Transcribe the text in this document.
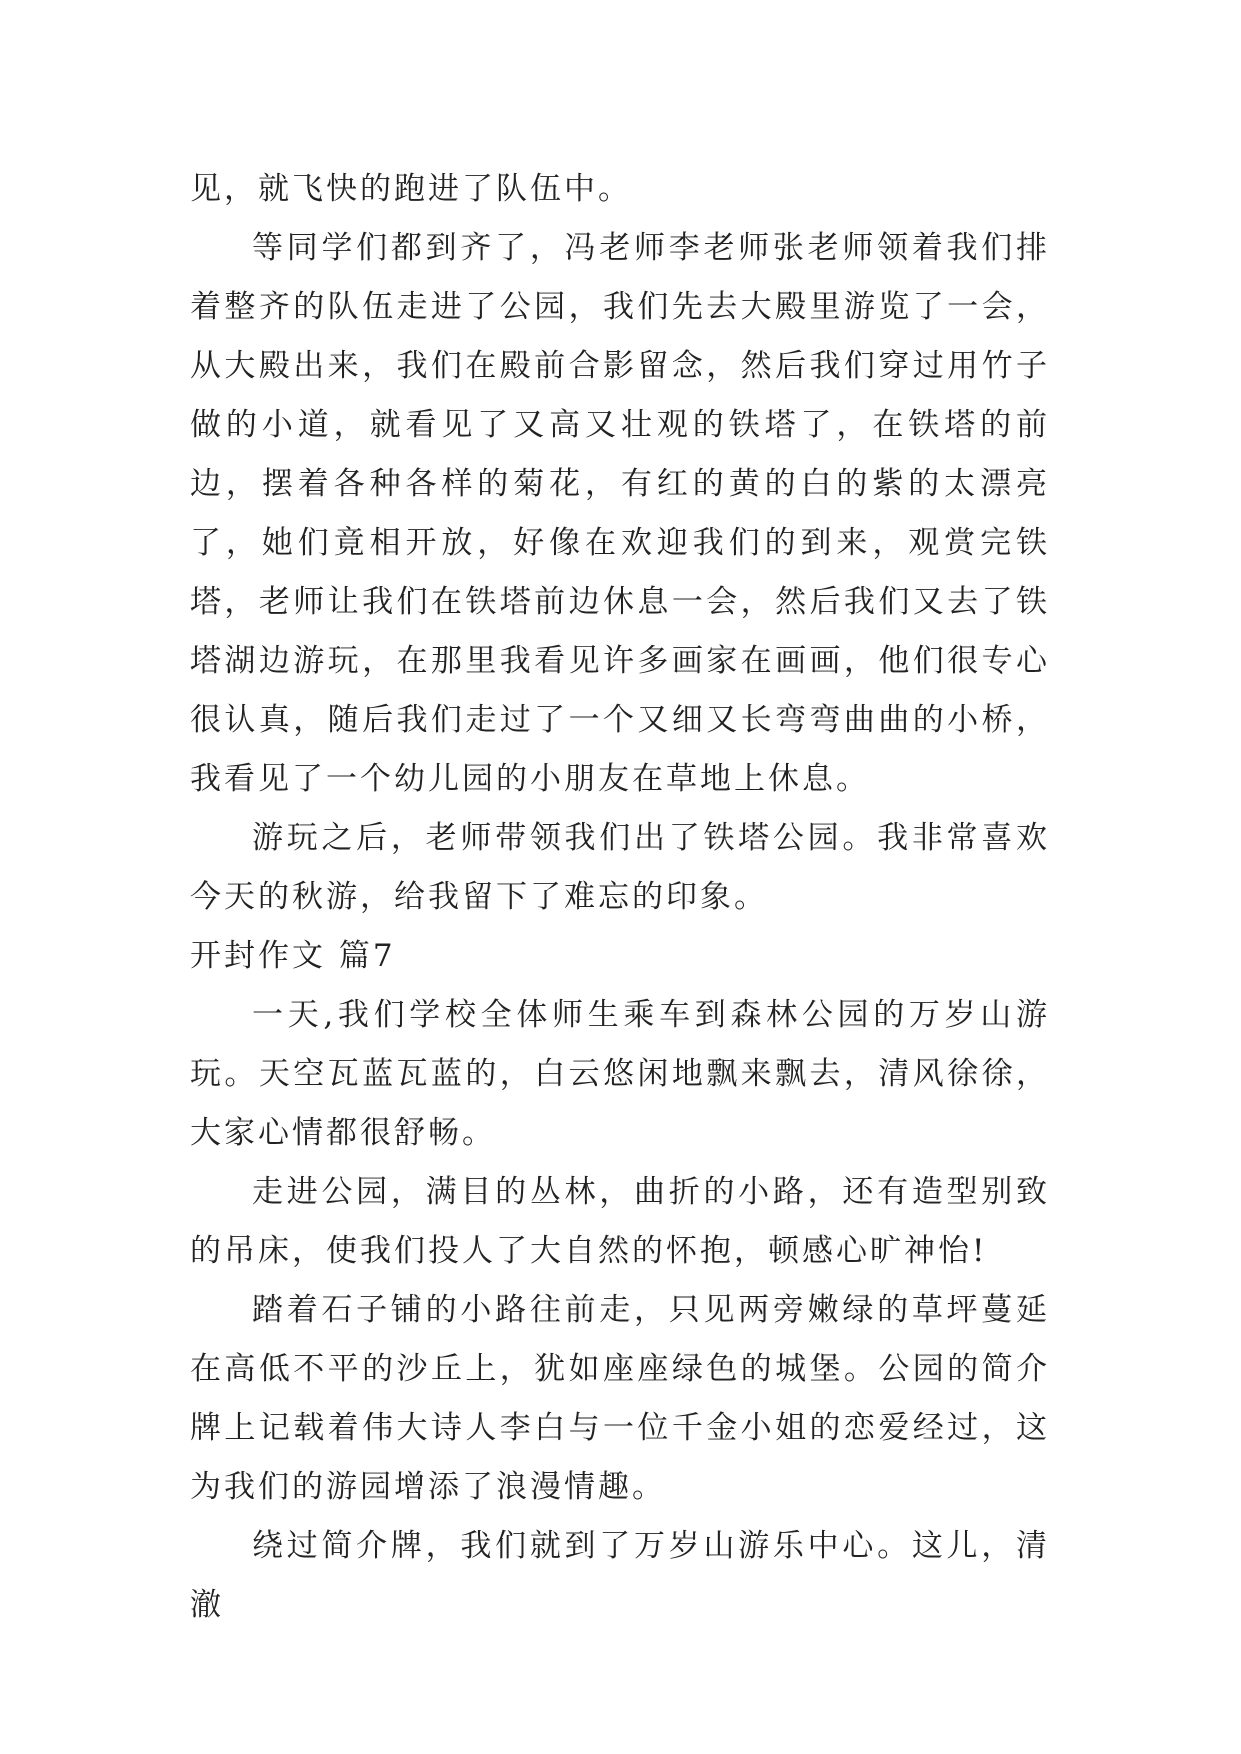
见，就飞快的跑进了队伍中。

等同学们都到齐了，冯老师李老师张老师领着我们排着整齐的队伍走进了公园，我们先去大殿里游览了一会，从大殿出来，我们在殿前合影留念，然后我们穿过用竹子做的小道，就看见了又高又壮观的铁塔了，在铁塔的前边，摆着各种各样的菊花，有红的黄的白的紫的太漂亮了，她们竟相开放，好像在欢迎我们的到来，观赏完铁塔，老师让我们在铁塔前边休息一会，然后我们又去了铁塔湖边游玩，在那里我看见许多画家在画画，他们很专心很认真，随后我们走过了一个又细又长弯弯曲曲的小桥，我看见了一个幼儿园的小朋友在草地上休息。

游玩之后，老师带领我们出了铁塔公园。我非常喜欢今天的秋游，给我留下了难忘的印象。

开封作文 篇7

一天,我们学校全体师生乘车到森林公园的万岁山游玩。天空瓦蓝瓦蓝的，白云悠闲地飘来飘去，清风徐徐，大家心情都很舒畅。

走进公园，满目的丛林，曲折的小路，还有造型别致的吊床，使我们投人了大自然的怀抱，顿感心旷神怡!

踏着石子铺的小路往前走，只见两旁嫩绿的草坪蔓延在高低不平的沙丘上，犹如座座绿色的城堡。公园的简介牌上记载着伟大诗人李白与一位千金小姐的恋爱经过，这为我们的游园增添了浪漫情趣。

绕过简介牌，我们就到了万岁山游乐中心。这儿，清澈
